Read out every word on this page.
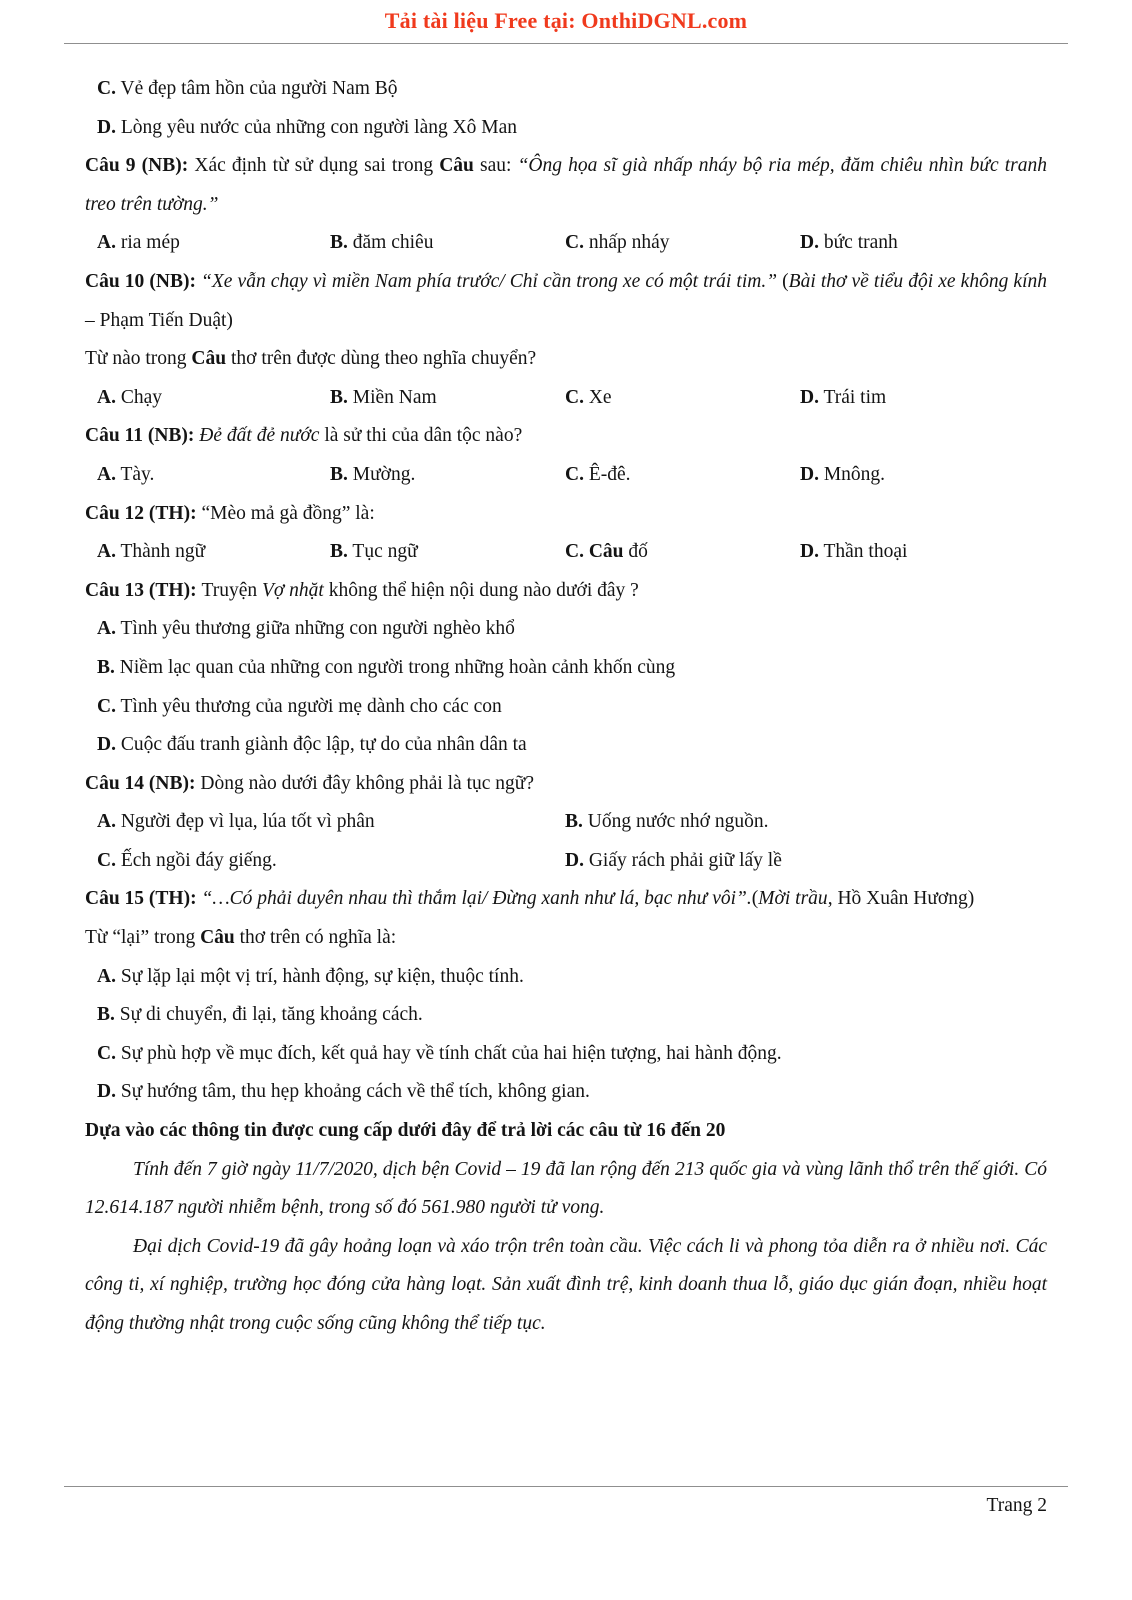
Tải tài liệu Free tại: OnthiDGNL.com
C. Vẻ đẹp tâm hồn của người Nam Bộ
D. Lòng yêu nước của những con người làng Xô Man
Câu 9 (NB): Xác định từ sử dụng sai trong Câu sau: “Ông họa sĩ già nhấp nháy bộ ria mép, đăm chiêu nhìn bức tranh treo trên tường.”
A. ria mép	B. đăm chiêu	C. nhấp nháy	D. bức tranh
Câu 10 (NB): “Xe vẫn chạy vì miền Nam phía trước/ Chỉ cần trong xe có một trái tim.” (Bài thơ về tiểu đội xe không kính – Phạm Tiến Duật)
Từ nào trong Câu thơ trên được dùng theo nghĩa chuyển?
A. Chạy	B. Miền Nam	C. Xe	D. Trái tim
Câu 11 (NB): Đẻ đất đẻ nước là sử thi của dân tộc nào?
A. Tày.	B. Mường.	C. Ê-đê.	D. Mnông.
Câu 12 (TH): “Mèo mả gà đồng” là:
A. Thành ngữ	B. Tục ngữ	C. Câu đố	D. Thần thoại
Câu 13 (TH): Truyện Vợ nhặt không thể hiện nội dung nào dưới đây ?
A. Tình yêu thương giữa những con người nghèo khổ
B. Niềm lạc quan của những con người trong những hoàn cảnh khốn cùng
C. Tình yêu thương của người mẹ dành cho các con
D. Cuộc đấu tranh giành độc lập, tự do của nhân dân ta
Câu 14 (NB): Dòng nào dưới đây không phải là tục ngữ?
A. Người đẹp vì lụa, lúa tốt vì phân	B. Uống nước nhớ nguồn.
C. Ếch ngồi đáy giếng.	D. Giấy rách phải giữ lấy lề
Câu 15 (TH): “…Có phải duyên nhau thì thắm lại/ Đừng xanh như lá, bạc như vôi”.(Mời trầu, Hồ Xuân Hương)
Từ “lại” trong Câu thơ trên có nghĩa là:
A. Sự lặp lại một vị trí, hành động, sự kiện, thuộc tính.
B. Sự di chuyển, đi lại, tăng khoảng cách.
C. Sự phù hợp về mục đích, kết quả hay về tính chất của hai hiện tượng, hai hành động.
D. Sự hướng tâm, thu hẹp khoảng cách về thể tích, không gian.
Dựa vào các thông tin được cung cấp dưới đây để trả lời các câu từ 16 đến 20
Tính đến 7 giờ ngày 11/7/2020, dịch bện Covid – 19 đã lan rộng đến 213 quốc gia và vùng lãnh thổ trên thế giới. Có 12.614.187 người nhiễm bệnh, trong số đó 561.980 người tử vong.
Đại dịch Covid-19 đã gây hoảng loạn và xáo trộn trên toàn cầu. Việc cách li và phong tỏa diễn ra ở nhiều nơi. Các công ti, xí nghiệp, trường học đóng cửa hàng loạt. Sản xuất đình trệ, kinh doanh thua lỗ, giáo dục gián đoạn, nhiều hoạt động thường nhật trong cuộc sống cũng không thể tiếp tục.
Trang 2
